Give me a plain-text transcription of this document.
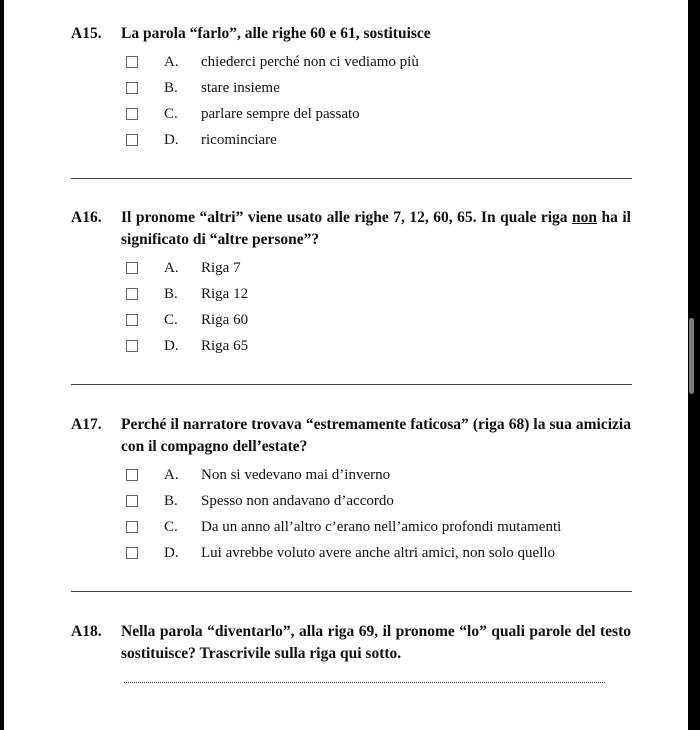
A15.	La parola “farlo”, alle righe 60 e 61, sostituisce
A.	chiederci perché non ci vediamo più
B.	stare insieme
C.	parlare sempre del passato
D.	ricominciare
A16.	Il pronome “altri” viene usato alle righe 7, 12, 60, 65. In quale riga non ha il significato di “altre persone”?
A.	Riga 7
B.	Riga 12
C.	Riga 60
D.	Riga 65
A17.	Perché il narratore trovava “estremamente faticosa” (riga 68) la sua amicizia con il compagno dell’estate?
A.	Non si vedevano mai d’inverno
B.	Spesso non andavano d’accordo
C.	Da un anno all’altro c’erano nell’amico profondi mutamenti
D.	Lui avrebbe voluto avere anche altri amici, non solo quello
A18.	Nella parola “diventarlo”, alla riga 69, il pronome “lo” quali parole del testo sostituisce? Trascrivile sulla riga qui sotto.
